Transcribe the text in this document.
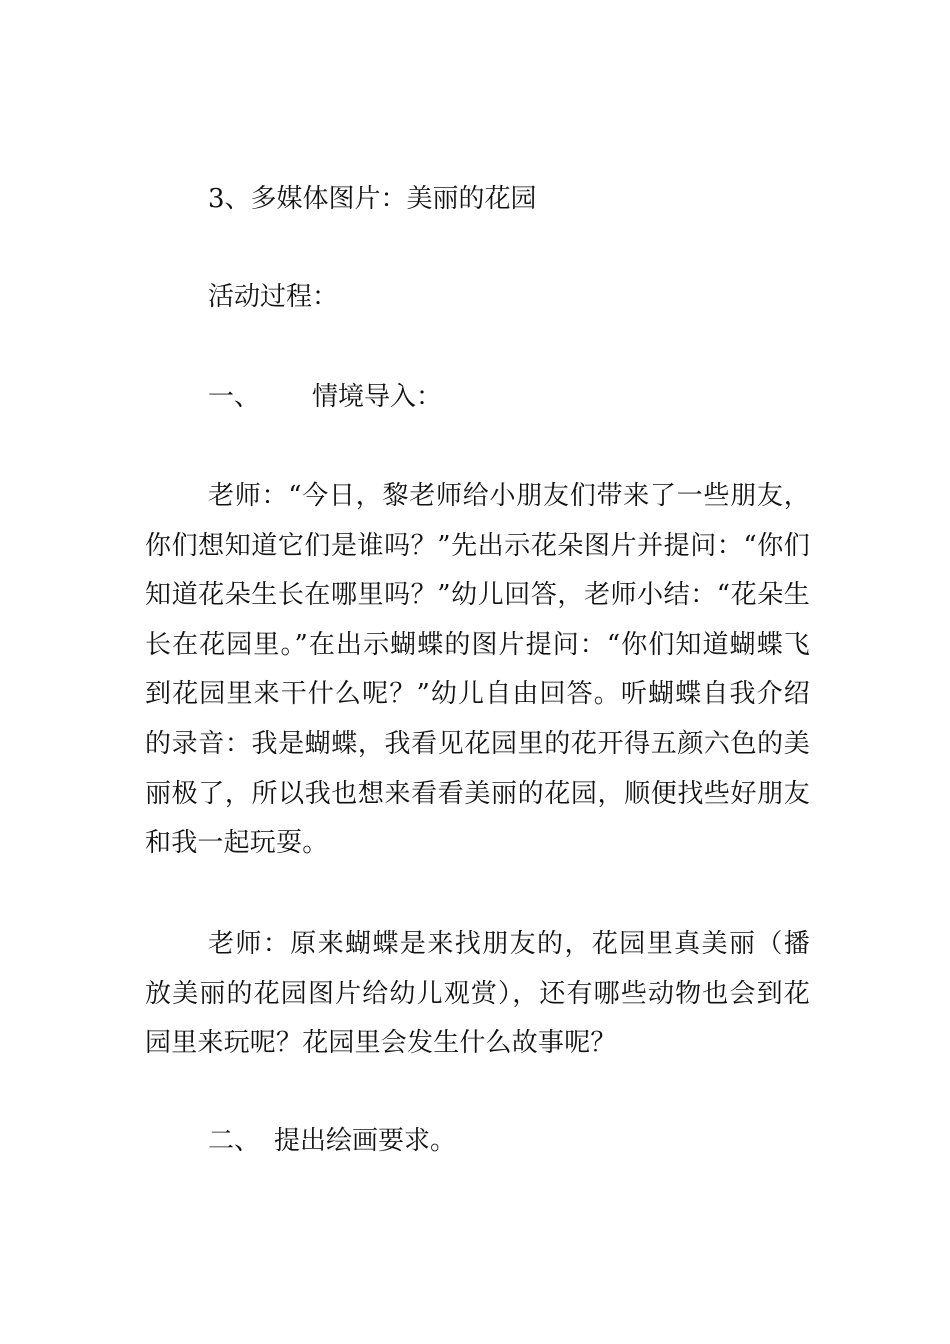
3、多媒体图片：美丽的花园
活动过程：
一、 情境导入：
老师：“今日，黎老师给小朋友们带来了一些朋友，你们想知道它们是谁吗？”先出示花朵图片并提问：“你们知道花朵生长在哪里吗？”幼儿回答，老师小结：“花朵生长在花园里。”在出示蝴蝶的图片提问：“你们知道蝴蝶飞到花园里来干什么呢？”幼儿自由回答。听蝴蝶自我介绍的录音：我是蝴蝶，我看见花园里的花开得五颜六色的美丽极了，所以我也想来看看美丽的花园，顺便找些好朋友和我一起玩耍。
老师：原来蝴蝶是来找朋友的，花园里真美丽（播放美丽的花园图片给幼儿观赏），还有哪些动物也会到花园里来玩呢？花园里会发生什么故事呢？
二、 提出绘画要求。
